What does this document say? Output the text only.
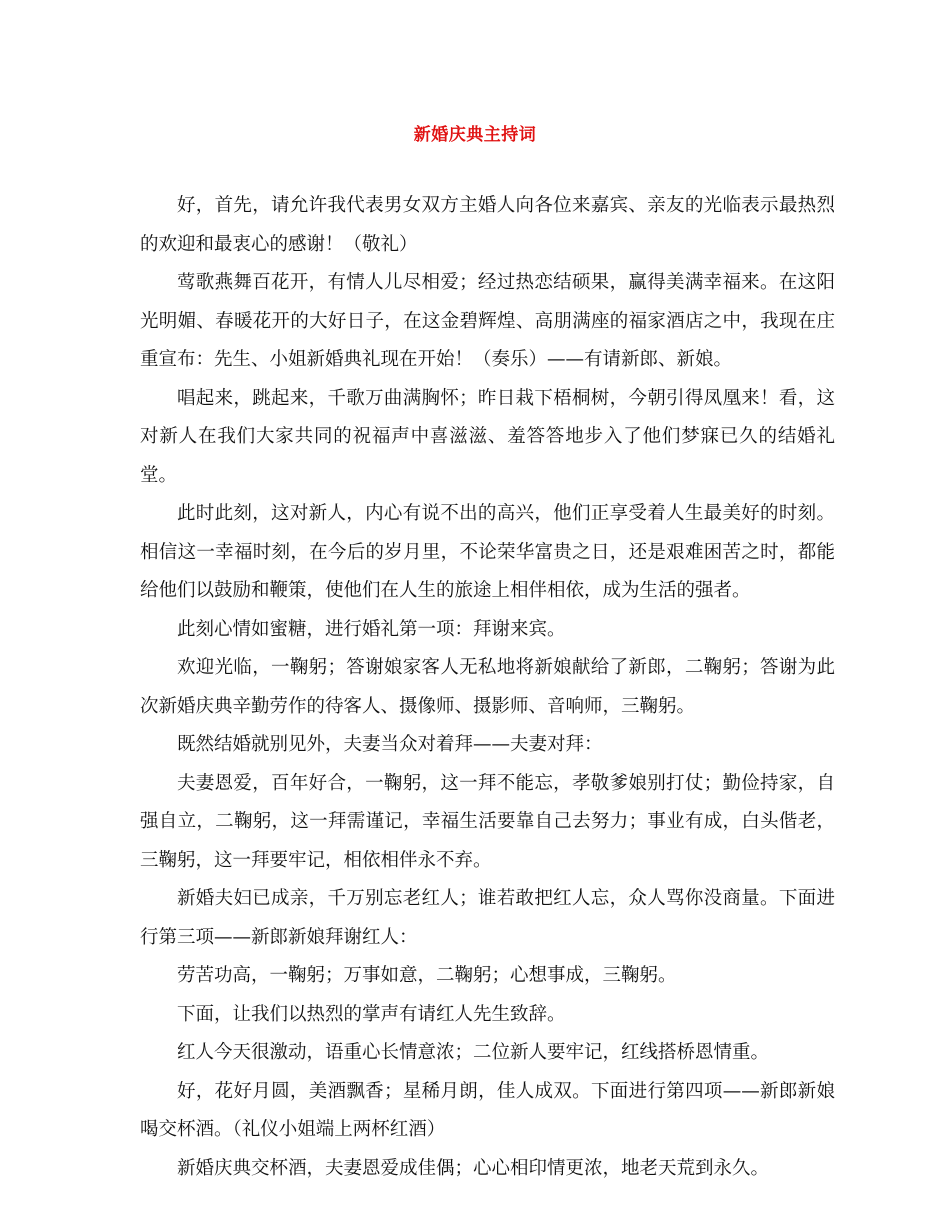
新婚庆典主持词

好，首先，请允许我代表男女双方主婚人向各位来嘉宾、亲友的光临表示最热烈的欢迎和最衷心的感谢！（敬礼）

莺歌燕舞百花开，有情人儿尽相爱；经过热恋结硕果，赢得美满幸福来。在这阳光明媚、春暖花开的大好日子，在这金碧辉煌、高朋满座的福家酒店之中，我现在庄重宣布：先生、小姐新婚典礼现在开始！（奏乐）——有请新郎、新娘。

唱起来，跳起来，千歌万曲满胸怀；昨日栽下梧桐树，今朝引得凤凰来！看，这对新人在我们大家共同的祝福声中喜滋滋、羞答答地步入了他们梦寐已久的结婚礼堂。

此时此刻，这对新人，内心有说不出的高兴，他们正享受着人生最美好的时刻。相信这一幸福时刻，在今后的岁月里，不论荣华富贵之日，还是艰难困苦之时，都能给他们以鼓励和鞭策，使他们在人生的旅途上相伴相依，成为生活的强者。

此刻心情如蜜糖，进行婚礼第一项：拜谢来宾。

欢迎光临，一鞠躬；答谢娘家客人无私地将新娘献给了新郎，二鞠躬；答谢为此次新婚庆典辛勤劳作的待客人、摄像师、摄影师、音响师，三鞠躬。

既然结婚就别见外，夫妻当众对着拜——夫妻对拜：

夫妻恩爱，百年好合，一鞠躬，这一拜不能忘，孝敬爹娘别打仗；勤俭持家，自强自立，二鞠躬，这一拜需谨记，幸福生活要靠自己去努力；事业有成，白头偕老，三鞠躬，这一拜要牢记，相依相伴永不弃。

新婚夫妇已成亲，千万别忘老红人；谁若敢把红人忘，众人骂你没商量。下面进行第三项——新郎新娘拜谢红人：

劳苦功高，一鞠躬；万事如意，二鞠躬；心想事成，三鞠躬。

下面，让我们以热烈的掌声有请红人先生致辞。

红人今天很激动，语重心长情意浓；二位新人要牢记，红线搭桥恩情重。

好，花好月圆，美酒飘香；星稀月朗，佳人成双。下面进行第四项——新郎新娘喝交杯酒。（礼仪小姐端上两杯红酒）

新婚庆典交杯酒，夫妻恩爱成佳偶；心心相印情更浓，地老天荒到永久。
